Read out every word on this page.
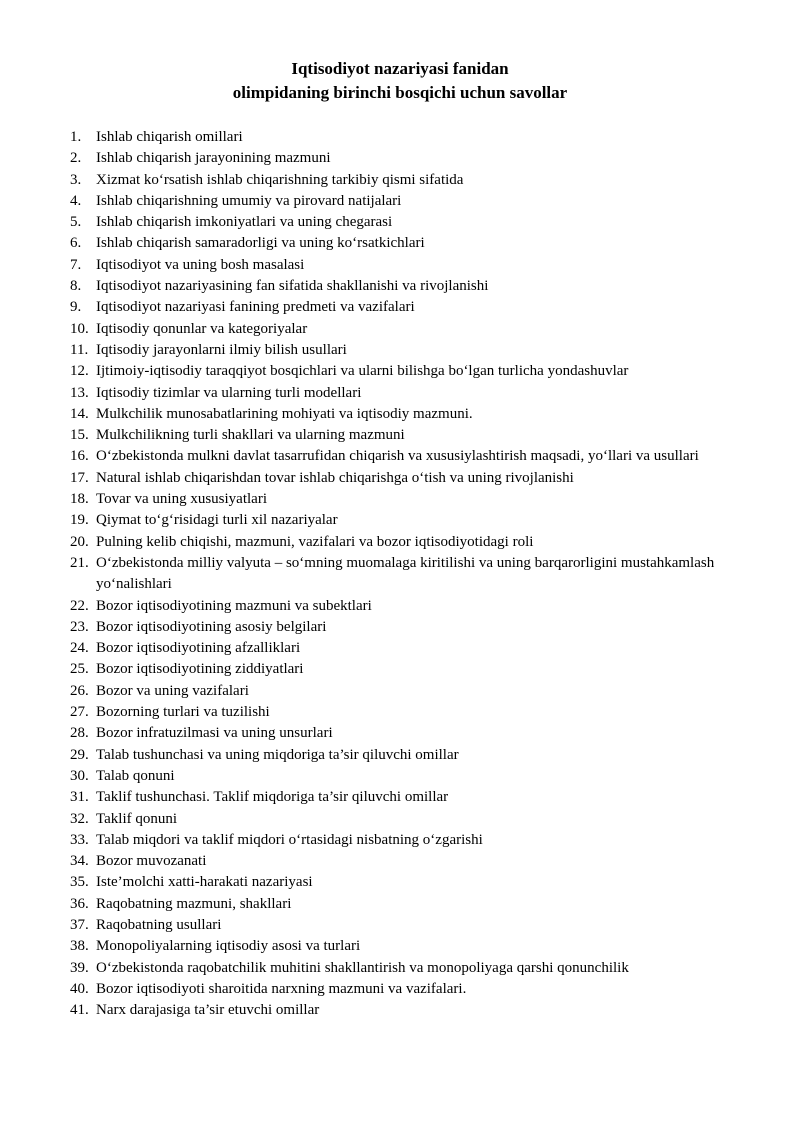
Iqtisodiyot nazariyasi fanidan
olimpidaning birinchi bosqichi uchun savollar
1. Ishlab chiqarish omillari
2. Ishlab chiqarish jarayonining mazmuni
3. Xizmat ko‘rsatish ishlab chiqarishning tarkibiy qismi sifatida
4. Ishlab chiqarishning umumiy va pirovard natijalari
5. Ishlab chiqarish imkoniyatlari va uning chegarasi
6. Ishlab chiqarish samaradorligi va uning ko‘rsatkichlari
7. Iqtisodiyot va uning bosh masalasi
8. Iqtisodiyot nazariyasining fan sifatida shakllanishi va rivojlanishi
9. Iqtisodiyot nazariyasi fanining predmeti va vazifalari
10. Iqtisodiy qonunlar va kategoriyalar
11. Iqtisodiy jarayonlarni ilmiy bilish usullari
12. Ijtimoiy-iqtisodiy taraqqiyot bosqichlari va ularni bilishga bo‘lgan turlicha yondashuvlar
13. Iqtisodiy tizimlar va ularning turli modellari
14. Mulkchilik munosabatlarining mohiyati va iqtisodiy mazmuni.
15. Mulkchilikning turli shakllari va ularning mazmuni
16. O‘zbekistonda mulkni davlat tasarrufidan chiqarish va xususiylashtirish maqsadi, yo‘llari va usullari
17. Natural ishlab chiqarishdan tovar ishlab chiqarishga o‘tish va uning rivojlanishi
18. Tovar va uning xususiyatlari
19. Qiymat to‘g‘risidagi turli xil nazariyalar
20. Pulning kelib chiqishi, mazmuni, vazifalari va bozor iqtisodiyotidagi roli
21. O‘zbekistonda milliy valyuta – so‘mning muomalaga kiritilishi va uning barqarorligini mustahkamlash yo‘nalishlari
22. Bozor iqtisodiyotining mazmuni va subektlari
23. Bozor iqtisodiyotining asosiy belgilari
24. Bozor iqtisodiyotining afzalliklari
25. Bozor iqtisodiyotining ziddiyatlari
26. Bozor va uning vazifalari
27. Bozorning turlari va tuzilishi
28. Bozor infratuzilmasi va uning unsurlari
29. Talab tushunchasi va uning miqdoriga ta’sir qiluvchi omillar
30. Talab qonuni
31. Taklif tushunchasi. Taklif miqdoriga ta’sir qiluvchi omillar
32. Taklif qonuni
33. Talab miqdori va taklif miqdori o‘rtasidagi nisbatning o‘zgarishi
34. Bozor muvozanati
35. Iste’molchi xatti-harakati nazariyasi
36. Raqobatning mazmuni, shakllari
37. Raqobatning usullari
38. Monopoliyalarning iqtisodiy asosi va turlari
39. O‘zbekistonda raqobatchilik muhitini shakllantirish va monopoliyaga qarshi qonunchilik
40. Bozor iqtisodiyoti sharoitida narxning mazmuni va vazifalari.
41. Narx darajasiga ta’sir etuvchi omillar
